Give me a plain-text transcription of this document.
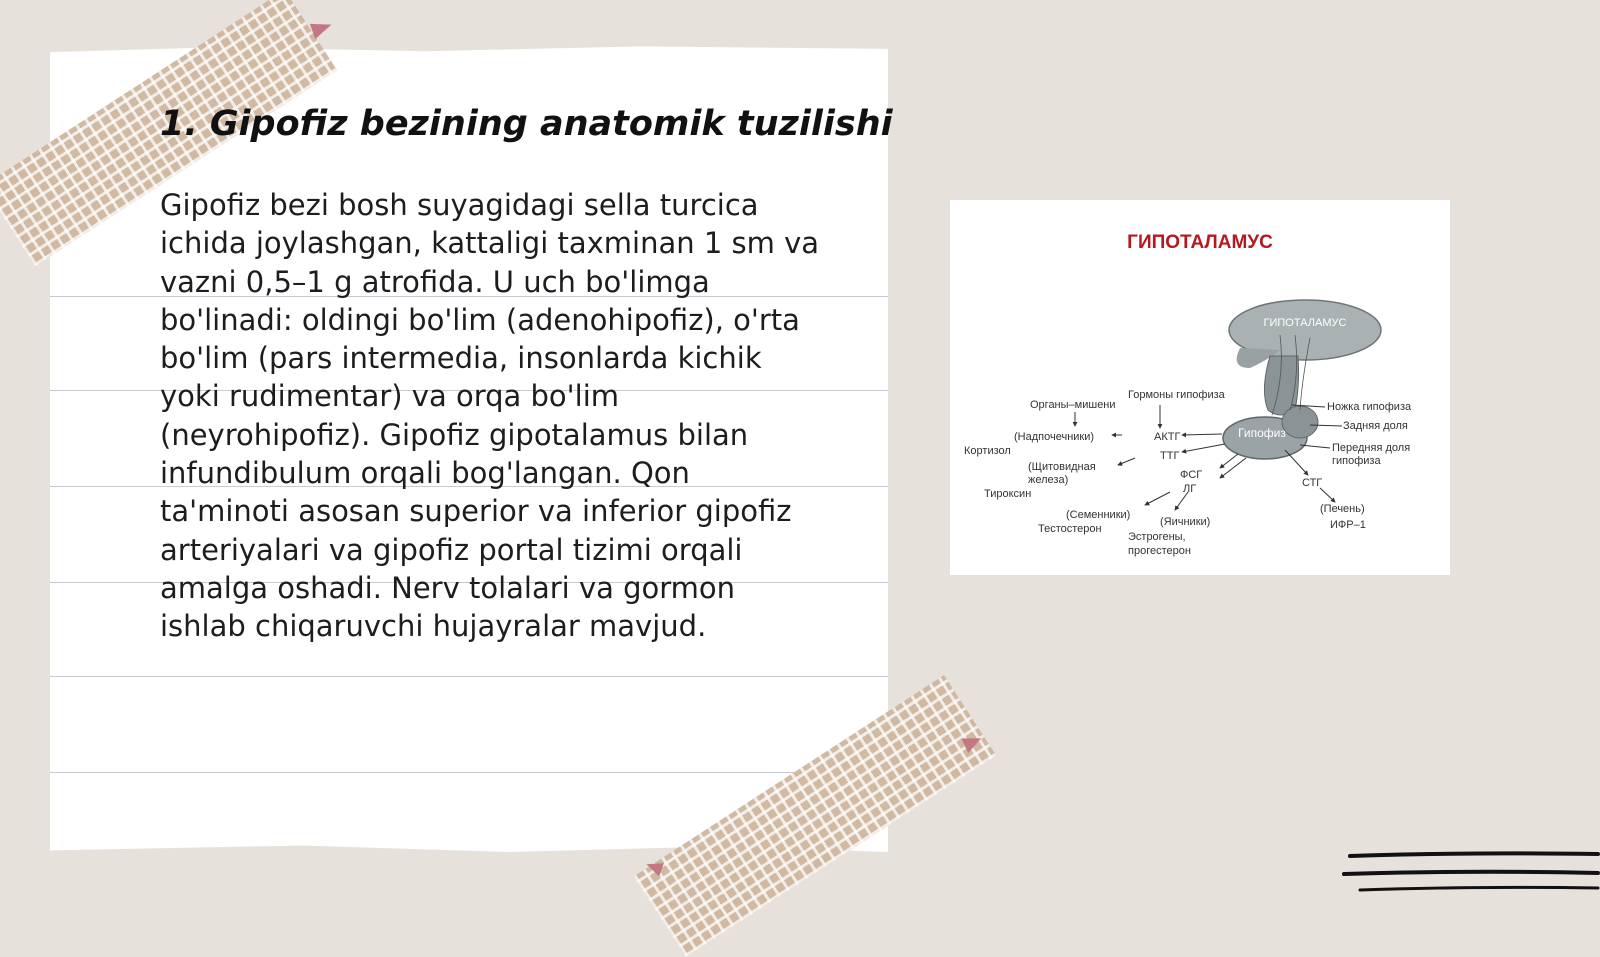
1. Gipofiz bezining anatomik tuzilishi
Gipofiz bezi bosh suyagidagi sella turcica
ichida joylashgan, kattaligi taxminan 1 sm va
vazni 0,5–1 g atrofida. U uch bo'limga
bo'linadi: oldingi bo'lim (adenohipofiz), o'rta
bo'lim (pars intermedia, insonlarda kichik
yoki rudimentar) va orqa bo'lim
(neyrohipofiz). Gipofiz gipotalamus bilan
infundibulum orqali bog'langan. Qon
ta'minoti asosan superior va inferior gipofiz
arteriyalari va gipofiz portal tizimi orqali
amalga oshadi. Nerv tolalari va gormon
ishlab chiqaruvchi hujayralar mavjud.
ГИПОТАЛАМУС
ГИПОТАЛАМУС
Гипофиз
Гормоны гипофиза
Органы–мишени	Ножка гипофиза
Задняя доля
(Надпочечники)	АКТГ
Кортизол	ТТГ
Передняя доля
гипофиза
(Щитовидная
железа)	ФСГ
ЛГ	СТГ
Тироксин
(Печень)
(Семенники)
(Яичники)	ИФР–1
Тестостерон
Эстрогены,
прогестерон
